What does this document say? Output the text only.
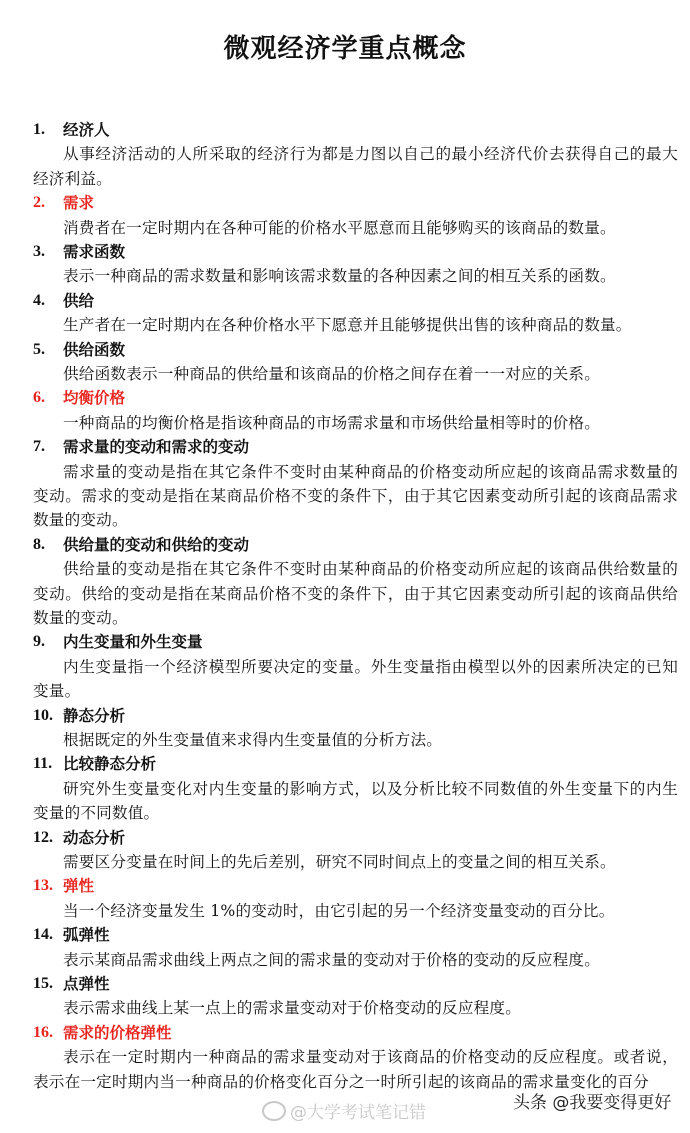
微观经济学重点概念
1.	经济人

从事经济活动的人所采取的经济行为都是力图以自己的最小经济代价去获得自己的最大经济利益。

2.	需求

消费者在一定时期内在各种可能的价格水平愿意而且能够购买的该商品的数量。

3.	需求函数

表示一种商品的需求数量和影响该需求数量的各种因素之间的相互关系的函数。

4.	供给

生产者在一定时期内在各种价格水平下愿意并且能够提供出售的该种商品的数量。

5.	供给函数

供给函数表示一种商品的供给量和该商品的价格之间存在着一一对应的关系。

6.	均衡价格

一种商品的均衡价格是指该种商品的市场需求量和市场供给量相等时的价格。

7.	需求量的变动和需求的变动

需求量的变动是指在其它条件不变时由某种商品的价格变动所应起的该商品需求数量的变动。需求的变动是指在某商品价格不变的条件下，由于其它因素变动所引起的该商品需求数量的变动。

8.	供给量的变动和供给的变动

供给量的变动是指在其它条件不变时由某种商品的价格变动所应起的该商品供给数量的变动。供给的变动是指在某商品价格不变的条件下，由于其它因素变动所引起的该商品供给数量的变动。

9.	内生变量和外生变量

内生变量指一个经济模型所要决定的变量。外生变量指由模型以外的因素所决定的已知变量。

10. 静态分析

根据既定的外生变量值来求得内生变量值的分析方法。

11. 比较静态分析

研究外生变量变化对内生变量的影响方式，以及分析比较不同数值的外生变量下的内生变量的不同数值。

12. 动态分析

需要区分变量在时间上的先后差别，研究不同时间点上的变量之间的相互关系。

13. 弹性

当一个经济变量发生 1%的变动时，由它引起的另一个经济变量变动的百分比。

14. 弧弹性

表示某商品需求曲线上两点之间的需求量的变动对于价格的变动的反应程度。

15. 点弹性

表示需求曲线上某一点上的需求量变动对于价格变动的反应程度。

16. 需求的价格弹性

表示在一定时期内一种商品的需求量变动对于该商品的价格变动的反应程度。或者说，表示在一定时期内当一种商品的价格变化百分之一时所引起的该商品的需求量变化的百分

@大学考试笔记错	头条 @我要变得更好
